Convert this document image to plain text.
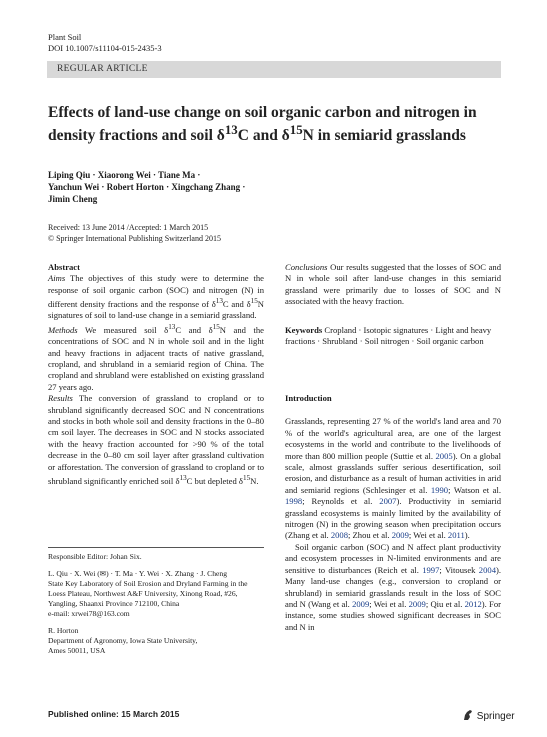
Plant Soil
DOI 10.1007/s11104-015-2435-3
REGULAR ARTICLE
Effects of land-use change on soil organic carbon and nitrogen in density fractions and soil $\delta^{13}C$ and $\delta^{15}N$ in semiarid grasslands
Liping Qiu · Xiaorong Wei · Tiane Ma ·
Yanchun Wei · Robert Horton · Xingchang Zhang ·
Jimin Cheng
Received: 13 June 2014 /Accepted: 1 March 2015
© Springer International Publishing Switzerland 2015

Abstract

Aims The objectives of this study were to determine the response of soil organic carbon (SOC) and nitrogen (N) in different density fractions and the response of $\delta^{13}C$ and $\delta^{15}N$ signatures of soil to land-use change in a semiarid grassland.

Methods We measured soil $\delta^{13}C$ and $\delta^{15}N$ and the concentrations of SOC and N in whole soil and in the light and heavy fractions in adjacent tracts of native grassland, cropland, and shrubland in a semiarid region of China. The cropland and shrubland were established on existing grassland 27 years ago.

Results The conversion of grassland to cropland or to shrubland significantly decreased SOC and N concentrations and stocks in both whole soil and density fractions in the 0–80 cm soil layer. The decreases in SOC and N stocks associated with the heavy fraction accounted for >90 % of the total decrease in the 0–80 cm soil layer after grassland cultivation or afforestation. The conversion of grassland to cropland or to shrubland significantly enriched soil $\delta^{13}C$ but depleted $\delta^{15}N$.

Responsible Editor: Johan Six.

L. Qiu · X. Wei (✉) · T. Ma · Y. Wei · X. Zhang · J. Cheng

State Key Laboratory of Soil Erosion and Dryland Farming in the Loess Plateau, Northwest A&F University, Xinong Road, #26, Yangling, Shaanxi Province 712100, China

e-mail: xrwei78@163.com

R. Horton

Department of Agronomy, Iowa State University,

Ames 50011, USA

Conclusions Our results suggested that the losses of SOC and N in whole soil after land-use changes in this semiarid grassland were primarily due to losses of SOC and N associated with the heavy fraction.

Keywords Cropland · Isotopic signatures · Light and heavy fractions · Shrubland · Soil nitrogen · Soil organic carbon

Introduction

Grasslands, representing 27 % of the world's land area and 70 % of the world's agricultural area, are one of the largest ecosystems in the world and contribute to the livelihoods of more than 800 million people (Suttie et al. 2005). On a global scale, almost grasslands suffer serious desertification, soil erosion, and disturbance as a result of human activities in arid and semiarid regions (Schlesinger et al. 1990; Watson et al. 1998; Reynolds et al. 2007). Productivity in semiarid grassland ecosystems is mainly limited by the availability of nitrogen (N) in the growing season when precipitation occurs (Zhang et al. 2008; Zhou et al. 2009; Wei et al. 2011).

Soil organic carbon (SOC) and N affect plant productivity and ecosystem processes in N-limited environments and are sensitive to disturbances (Reich et al. 1997; Vitousek 2004). Many land-use changes (e.g., conversion to cropland or shrubland) in semiarid grasslands result in the loss of SOC and N (Wang et al. 2009; Wei et al. 2009; Qiu et al. 2012). For instance, some studies showed significant decreases in SOC and N in

Published online: 15 March 2015	Springer
